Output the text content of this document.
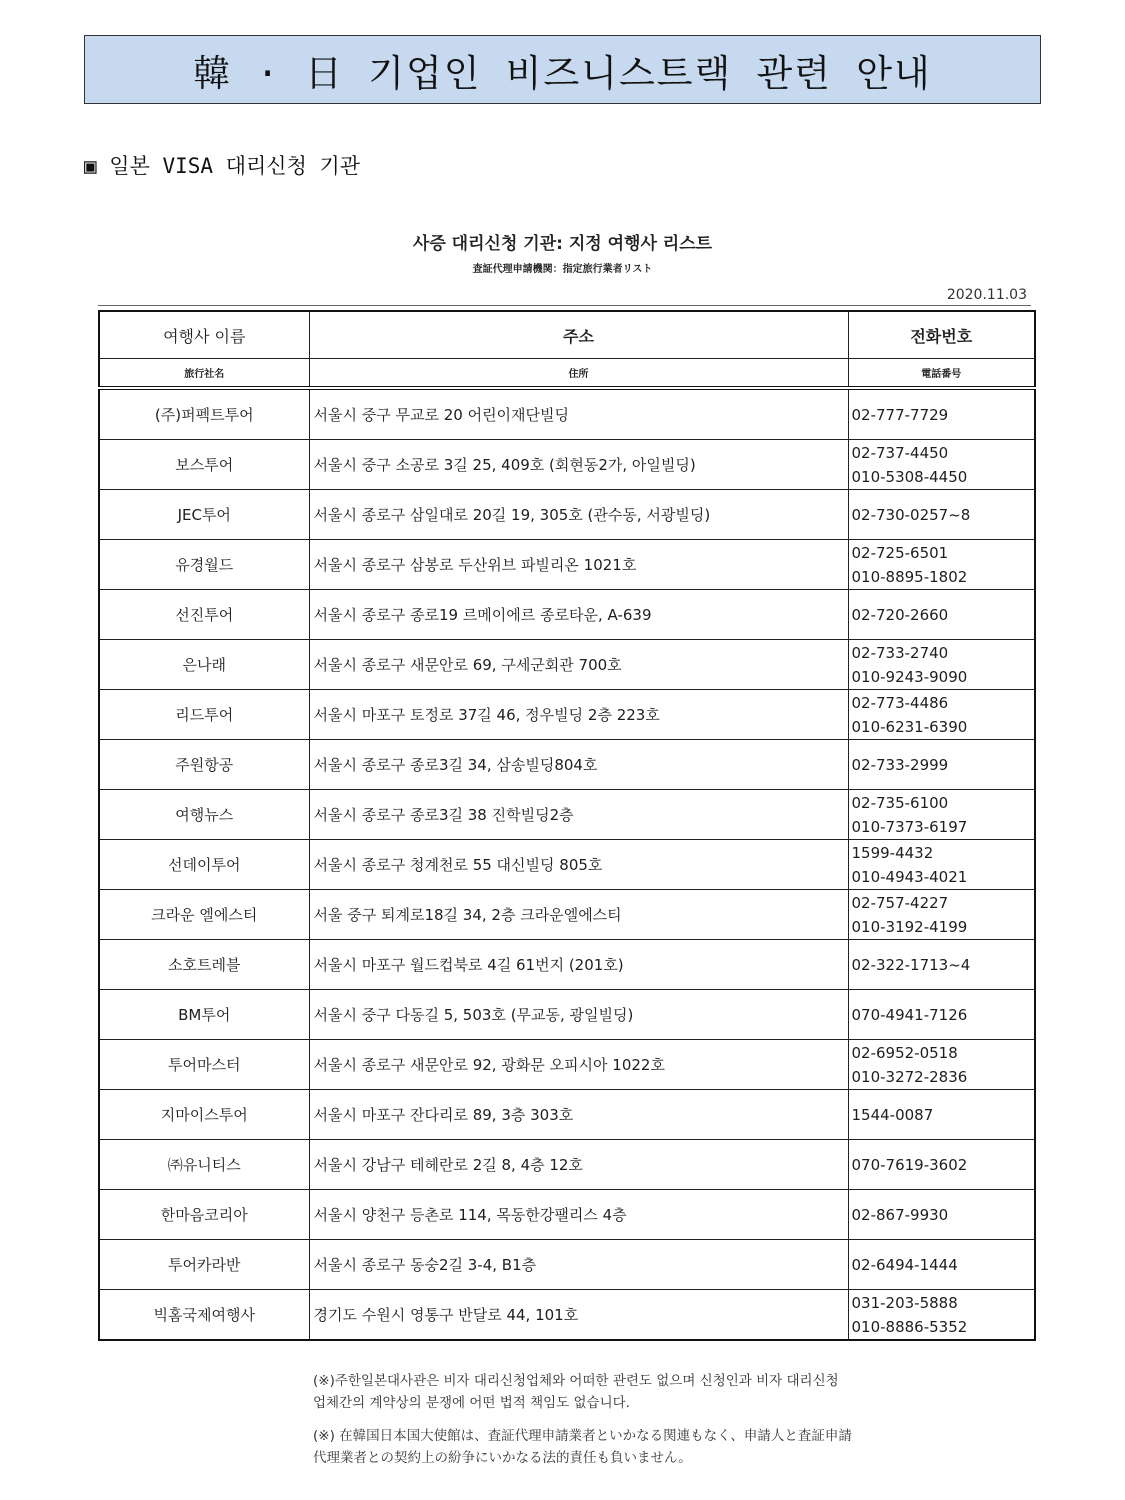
韓 · 日 기업인 비즈니스트랙 관련 안내
▣ 일본 VISA 대리신청 기관
사증 대리신청 기관: 지정 여행사 리스트
査証代理申請機関：指定旅行業者リスト
2020.11.03
여행사 이름	주소	전화번호
旅行社名	住所	電話番号
(주)퍼펙트투어	서울시 중구 무교로 20 어린이재단빌딩	02-777-7729

보스투어	서울시 중구 소공로 3길 25, 409호 (회현동2가, 아일빌딩)	02-737-4450
010-5308-4450

JEC투어	서울시 종로구 삼일대로 20길 19, 305호 (관수동, 서광빌딩)	02-730-0257~8

유경월드	서울시 종로구 삼봉로 두산위브 파빌리온 1021호	02-725-6501
010-8895-1802

선진투어	서울시 종로구 종로19 르메이에르 종로타운, A-639	02-720-2660

은나래	서울시 종로구 새문안로 69, 구세군회관 700호	02-733-2740
010-9243-9090

리드투어	서울시 마포구 토정로 37길 46, 정우빌딩 2층 223호	02-773-4486
010-6231-6390

주원항공	서울시 종로구 종로3길 34, 삼송빌딩804호	02-733-2999

여행뉴스	서울시 종로구 종로3길 38 진학빌딩2층	02-735-6100
010-7373-6197

선데이투어	서울시 종로구 청계천로 55 대신빌딩 805호	1599-4432
010-4943-4021

크라운 엘에스티	서울 중구 퇴계로18길 34, 2층 크라운엘에스티	02-757-4227
010-3192-4199

소호트레블	서울시 마포구 월드컵북로 4길 61번지 (201호)	02-322-1713~4

BM투어	서울시 중구 다동길 5, 503호 (무교동, 광일빌딩)	070-4941-7126

투어마스터	서울시 종로구 새문안로 92, 광화문 오피시아 1022호	02-6952-0518
010-3272-2836

지마이스투어	서울시 마포구 잔다리로 89, 3층 303호	1544-0087

㈜유니티스	서울시 강남구 테헤란로 2길 8, 4층 12호	070-7619-3602

한마음코리아	서울시 양천구 등촌로 114, 목동한강팰리스 4층	02-867-9930

투어카라반	서울시 종로구 동숭2길 3-4, B1층	02-6494-1444

빅홈국제여행사	경기도 수원시 영통구 반달로 44, 101호	031-203-5888
010-8886-5352
(※)주한일본대사관은 비자 대리신청업체와 어떠한 관련도 없으며 신청인과 비자 대리신청
업체간의 계약상의 분쟁에 어떤 법적 책임도 없습니다.
(※) 在韓国日本国大使館は、査証代理申請業者といかなる関連もなく、申請人と査証申請
代理業者との契約上の紛争にいかなる法的責任も負いません。
